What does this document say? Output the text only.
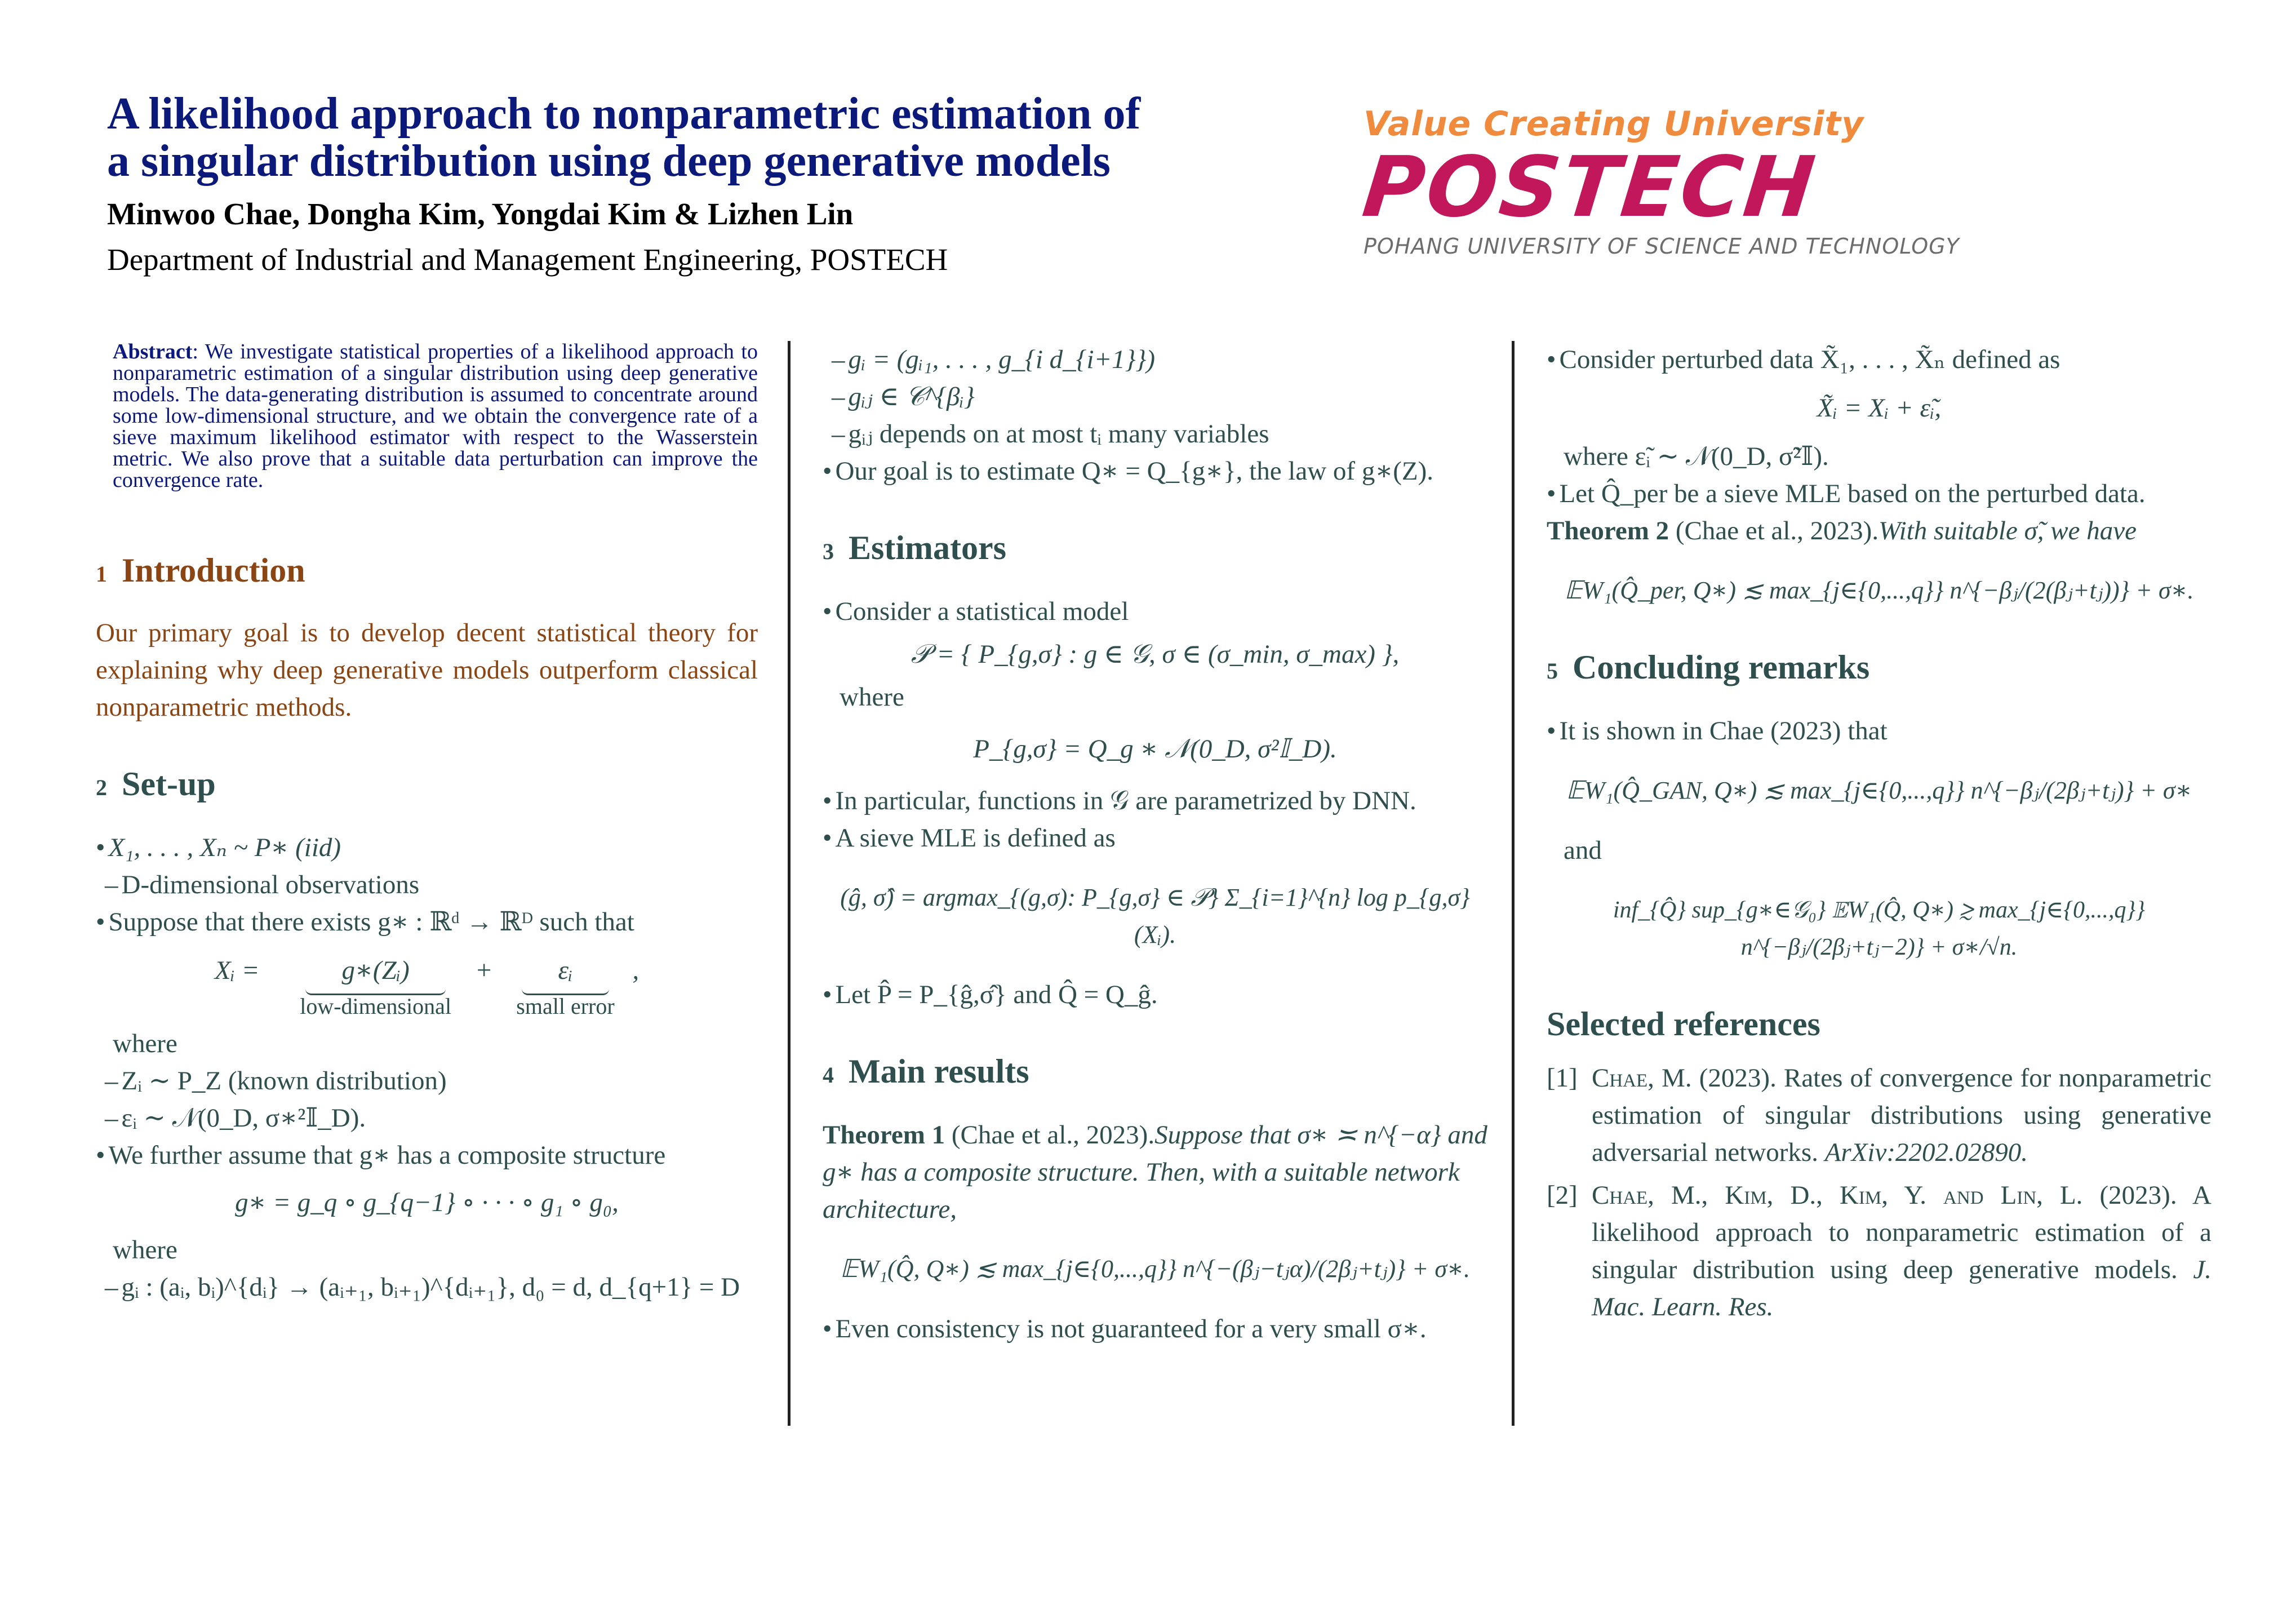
A likelihood approach to nonparametric estimation of
a singular distribution using deep generative models
Minwoo Chae, Dongha Kim, Yongdai Kim & Lizhen Lin
Department of Industrial and Management Engineering, POSTECH
Value Creating University
POSTECH
POHANG UNIVERSITY OF SCIENCE AND TECHNOLOGY
Abstract: We investigate statistical properties of a likelihood approach to nonparametric estimation of a singular distribution using deep generative models. The data-generating distribution is assumed to concentrate around some low-dimensional structure, and we obtain the convergence rate of a sieve maximum likelihood estimator with respect to the Wasserstein metric. We also prove that a suitable data perturbation can improve the convergence rate.
1 Introduction
Our primary goal is to develop decent statistical theory for explaining why deep generative models outperform classical nonparametric methods.
2 Set-up
• X₁, . . . , Xₙ ~ P∗ (iid)
– D-dimensional observations
• Suppose that there exists g∗ : ℝᵈ → ℝᴰ such that
Xᵢ =	g∗(Zᵢ)
low-dimensional
+ εᵢ
small error
,
where
– Zᵢ ∼ P_Z (known distribution)
– εᵢ ∼ 𝒩(0_D, σ∗²𝕀_D).
• We further assume that g∗ has a composite structure
g∗ = g_q ∘ g_{q−1} ∘ · · · ∘ g₁ ∘ g₀,
where
– gᵢ : (aᵢ, bᵢ)^{dᵢ} → (aᵢ₊₁, bᵢ₊₁)^{dᵢ₊₁}, d₀ = d, d_{q+1} = D
– gᵢ = (gᵢ₁, . . . , g_{i d_{i+1}})
– gᵢⱼ ∈ 𝒞^{βᵢ}
– gᵢⱼ depends on at most tᵢ many variables
• Our goal is to estimate Q∗ = Q_{g∗}, the law of g∗(Z).
3 Estimators
• Consider a statistical model
𝒫 = { P_{g,σ} : g ∈ 𝒢, σ ∈ (σ_min, σ_max) },
where
P_{g,σ} = Q_g ∗ 𝒩(0_D, σ²𝕀_D).
• In particular, functions in 𝒢 are parametrized by DNN.
• A sieve MLE is defined as
(ĝ, σ̂) = argmax_{(g,σ): P_{g,σ} ∈ 𝒫} Σ_{i=1}^{n} log p_{g,σ}(Xᵢ).
• Let P̂ = P_{ĝ,σ̂} and Q̂ = Q_ĝ.
4 Main results
Theorem 1 (Chae et al., 2023).Suppose that σ∗ ≍ n^{−α} and g∗ has a composite structure. Then, with a suitable network architecture,
𝔼W₁(Q̂, Q∗) ≲ max_{j∈{0,...,q}} n^{−(βⱼ−tⱼα)/(2βⱼ+tⱼ)} + σ∗.
• Even consistency is not guaranteed for a very small σ∗.
• Consider perturbed data X̃₁, . . . , X̃ₙ defined as
X̃ᵢ = Xᵢ + ε̃ᵢ,
where ε̃ᵢ ∼ 𝒩(0_D, σ̃²𝕀).
• Let Q̂_per be a sieve MLE based on the perturbed data.
Theorem 2 (Chae et al., 2023).With suitable σ̃, we have
𝔼W₁(Q̂_per, Q∗) ≲ max_{j∈{0,...,q}} n^{−βⱼ/(2(βⱼ+tⱼ))} + σ∗.
5 Concluding remarks
• It is shown in Chae (2023) that
𝔼W₁(Q̂_GAN, Q∗) ≲ max_{j∈{0,...,q}} n^{−βⱼ/(2βⱼ+tⱼ)} + σ∗
and
inf_{Q̂} sup_{g∗∈𝒢₀} 𝔼W₁(Q̂, Q∗) ≳ max_{j∈{0,...,q}} n^{−βⱼ/(2βⱼ+tⱼ−2)} + σ∗/√n.
Selected references
[1] Chae, M. (2023). Rates of convergence for nonparametric estimation of singular distributions using generative adversarial networks. ArXiv:2202.02890.
[2] Chae, M., Kim, D., Kim, Y. and Lin, L. (2023). A likelihood approach to nonparametric estimation of a singular distribution using deep generative models. J. Mac. Learn. Res.
